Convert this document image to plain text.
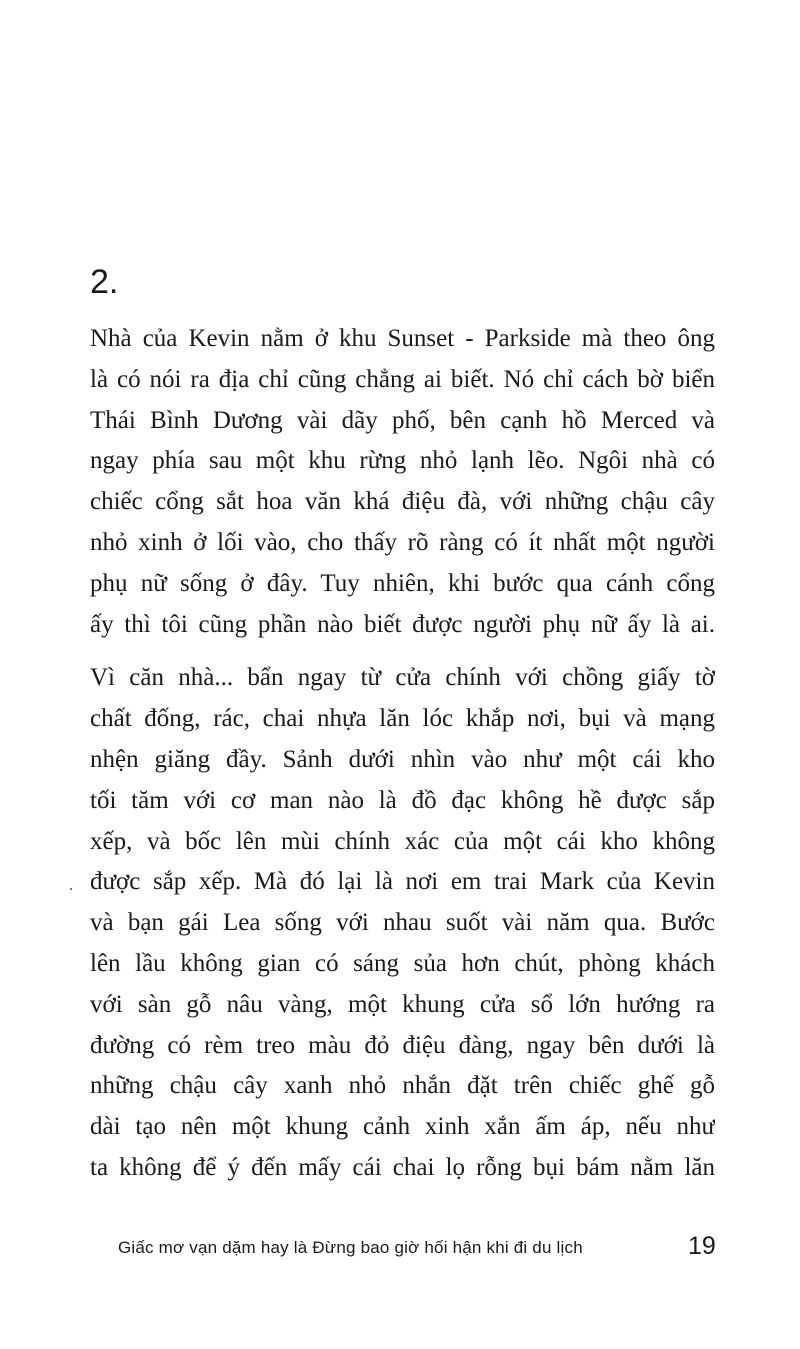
2.
Nhà của Kevin nằm ở khu Sunset - Parkside mà theo ông
là có nói ra địa chỉ cũng chẳng ai biết. Nó chỉ cách bờ biển
Thái Bình Dương vài dãy phố, bên cạnh hồ Merced và
ngay phía sau một khu rừng nhỏ lạnh lẽo. Ngôi nhà có
chiếc cổng sắt hoa văn khá điệu đà, với những chậu cây
nhỏ xinh ở lối vào, cho thấy rõ ràng có ít nhất một người
phụ nữ sống ở đây. Tuy nhiên, khi bước qua cánh cổng
ấy thì tôi cũng phần nào biết được người phụ nữ ấy là ai.
Vì căn nhà... bẩn ngay từ cửa chính với chồng giấy tờ
chất đống, rác, chai nhựa lăn lóc khắp nơi, bụi và mạng
nhện giăng đầy. Sảnh dưới nhìn vào như một cái kho
tối tăm với cơ man nào là đồ đạc không hề được sắp
xếp, và bốc lên mùi chính xác của một cái kho không
được sắp xếp. Mà đó lại là nơi em trai Mark của Kevin
và bạn gái Lea sống với nhau suốt vài năm qua. Bước
lên lầu không gian có sáng sủa hơn chút, phòng khách
với sàn gỗ nâu vàng, một khung cửa sổ lớn hướng ra
đường có rèm treo màu đỏ điệu đàng, ngay bên dưới là
những chậu cây xanh nhỏ nhắn đặt trên chiếc ghế gỗ
dài tạo nên một khung cảnh xinh xắn ấm áp, nếu như
ta không để ý đến mấy cái chai lọ rỗng bụi bám nằm lăn
Giấc mơ vạn dặm hay là Đừng bao giờ hối hận khi đi du lịch	19
